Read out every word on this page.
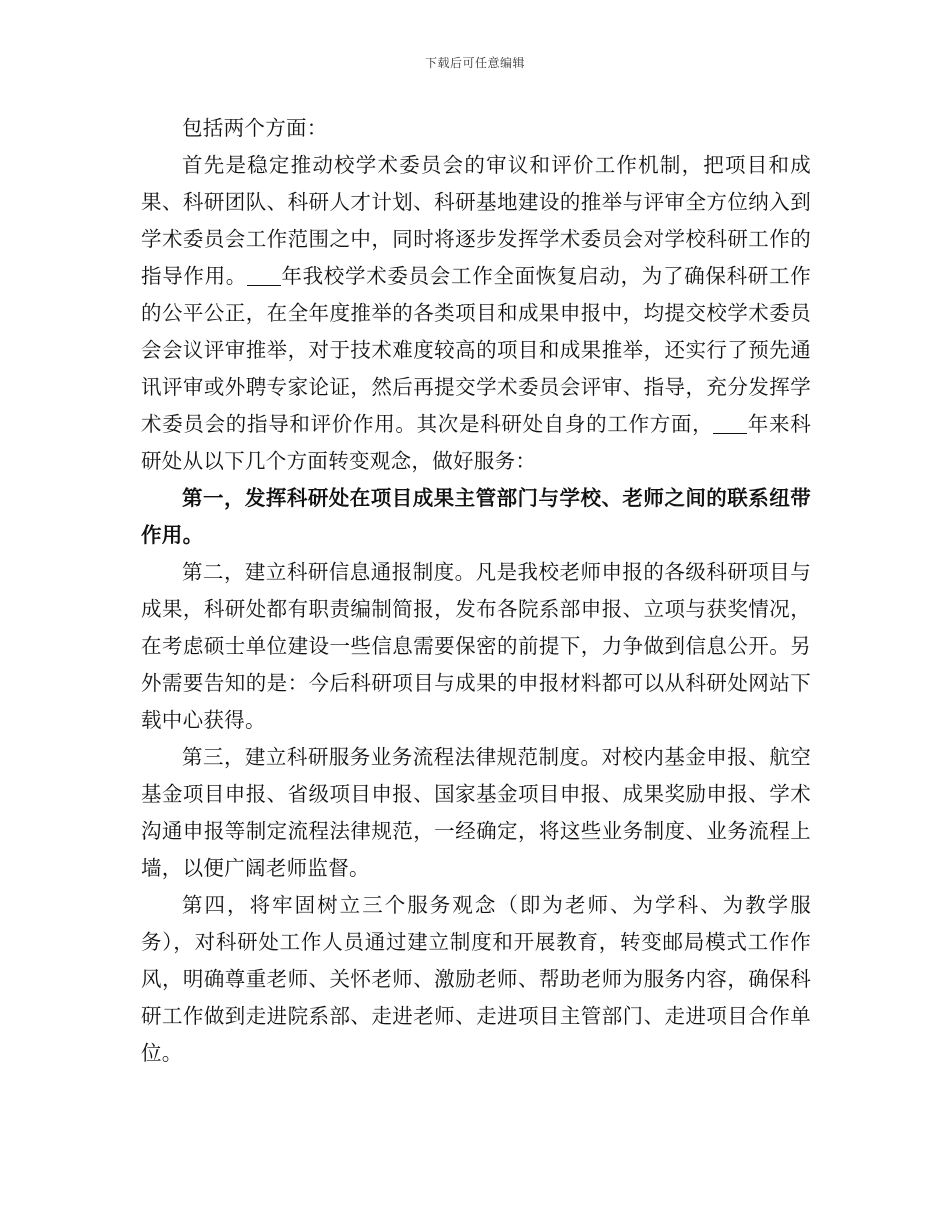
下载后可任意编辑

包括两个方面：

首先是稳定推动校学术委员会的审议和评价工作机制，把项目和成果、科研团队、科研人才计划、科研基地建设的推举与评审全方位纳入到学术委员会工作范围之中，同时将逐步发挥学术委员会对学校科研工作的指导作用。 年我校学术委员会工作全面恢复启动，为了确保科研工作的公平公正，在全年度推举的各类项目和成果申报中，均提交校学术委员会会议评审推举，对于技术难度较高的项目和成果推举，还实行了预先通讯评审或外聘专家论证，然后再提交学术委员会评审、指导，充分发挥学术委员会的指导和评价作用。其次是科研处自身的工作方面， 年来科研处从以下几个方面转变观念，做好服务：

第一，发挥科研处在项目成果主管部门与学校、老师之间的联系纽带作用。

第二，建立科研信息通报制度。凡是我校老师申报的各级科研项目与成果，科研处都有职责编制简报，发布各院系部申报、立项与获奖情况，在考虑硕士单位建设一些信息需要保密的前提下，力争做到信息公开。另外需要告知的是：今后科研项目与成果的申报材料都可以从科研处网站下载中心获得。

第三，建立科研服务业务流程法律规范制度。对校内基金申报、航空基金项目申报、省级项目申报、国家基金项目申报、成果奖励申报、学术沟通申报等制定流程法律规范，一经确定，将这些业务制度、业务流程上墙，以便广阔老师监督。

第四，将牢固树立三个服务观念（即为老师、为学科、为教学服务），对科研处工作人员通过建立制度和开展教育，转变邮局模式工作作风，明确尊重老师、关怀老师、激励老师、帮助老师为服务内容，确保科研工作做到走进院系部、走进老师、走进项目主管部门、走进项目合作单位。
